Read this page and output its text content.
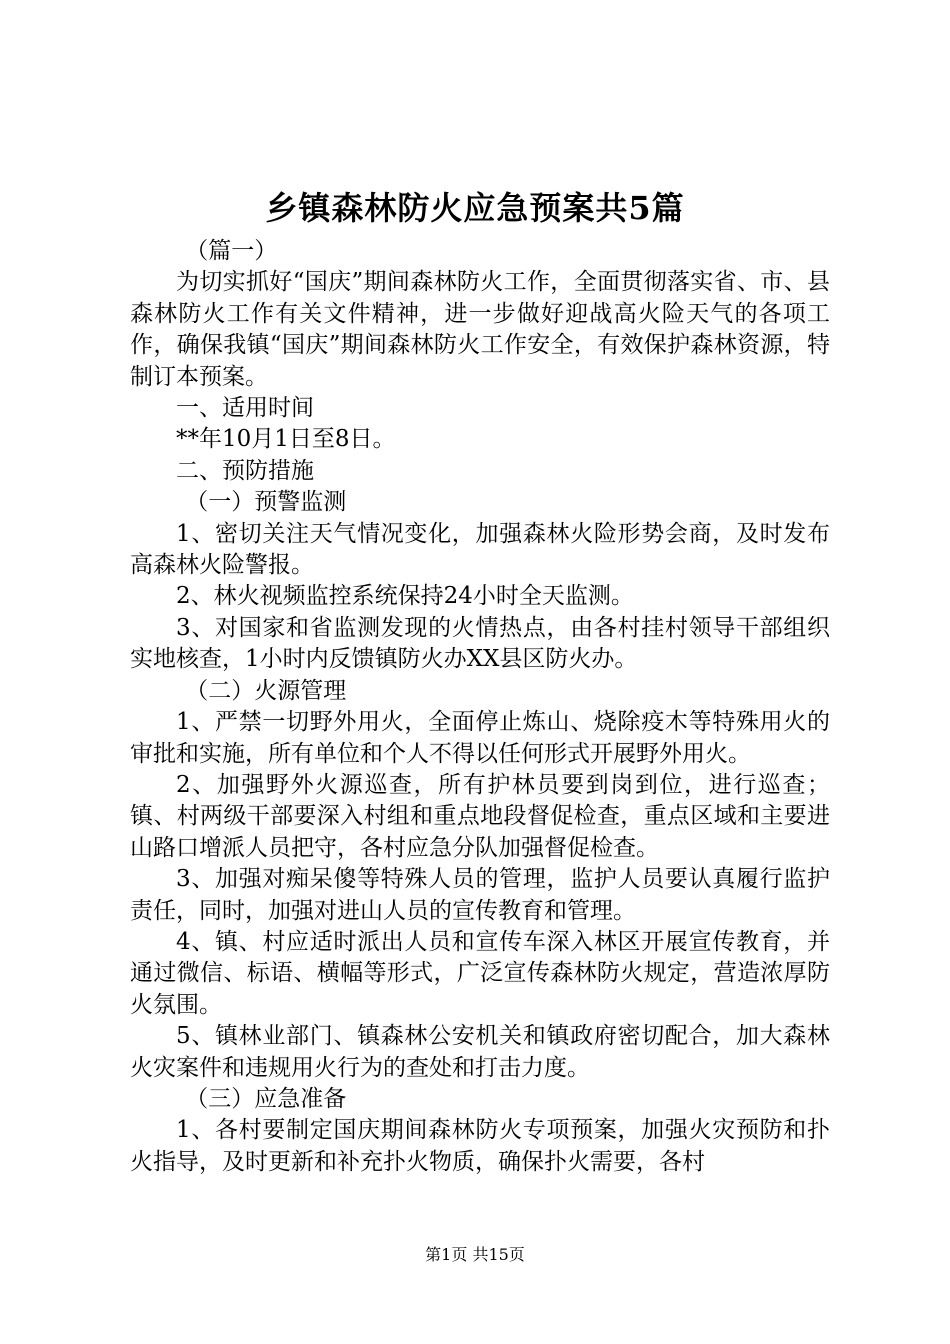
乡镇森林防火应急预案共5篇

（篇一）

为切实抓好“国庆”期间森林防火工作，全面贯彻落实省、市、县森林防火工作有关文件精神，进一步做好迎战高火险天气的各项工作，确保我镇“国庆”期间森林防火工作安全，有效保护森林资源，特制订本预案。

一、适用时间

**年10月1日至8日。

二、预防措施

（一）预警监测

1、密切关注天气情况变化，加强森林火险形势会商，及时发布高森林火险警报。

2、林火视频监控系统保持24小时全天监测。

3、对国家和省监测发现的火情热点，由各村挂村领导干部组织实地核查，1小时内反馈镇防火办XX县区防火办。

（二）火源管理

1、严禁一切野外用火，全面停止炼山、烧除疫木等特殊用火的审批和实施，所有单位和个人不得以任何形式开展野外用火。

2、加强野外火源巡查，所有护林员要到岗到位，进行巡查；镇、村两级干部要深入村组和重点地段督促检查，重点区域和主要进山路口增派人员把守，各村应急分队加强督促检查。

3、加强对痴呆傻等特殊人员的管理，监护人员要认真履行监护责任，同时，加强对进山人员的宣传教育和管理。

4、镇、村应适时派出人员和宣传车深入林区开展宣传教育，并通过微信、标语、横幅等形式，广泛宣传森林防火规定，营造浓厚防火氛围。

5、镇林业部门、镇森林公安机关和镇政府密切配合，加大森林火灾案件和违规用火行为的查处和打击力度。

（三）应急准备

1、各村要制定国庆期间森林防火专项预案，加强火灾预防和扑火指导，及时更新和补充扑火物质，确保扑火需要，各村

第1页 共15页
